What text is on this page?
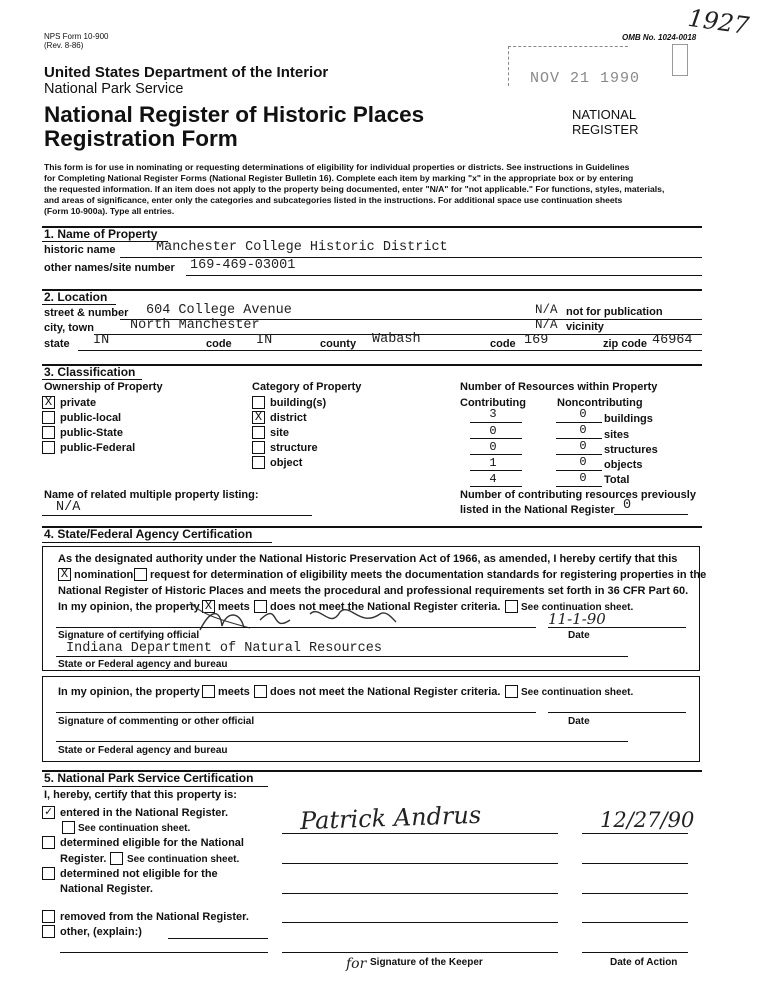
NPS Form 10-900
(Rev. 8-86)
OMB No. 1024-0018
1927
NOV 21 1990
United States Department of the Interior
National Park Service
National Register of Historic Places
Registration Form
NATIONAL
REGISTER
This form is for use in nominating or requesting determinations of eligibility for individual properties or districts. See instructions in Guidelines
for Completing National Register Forms (National Register Bulletin 16). Complete each item by marking "x" in the appropriate box or by entering
the requested information. If an item does not apply to the property being documented, enter "N/A" for "not applicable." For functions, styles, materials,
and areas of significance, enter only the categories and subcategories listed in the instructions. For additional space use continuation sheets
(Form 10-900a). Type all entries.
1. Name of Property
historic name	Manchester College Historic District
other names/site number 169-469-03001
2. Location
street & number 604 College Avenue	N/A not for publication
city, town	North Manchester	N/A vicinity
state IN	code IN	county Wabash	code 169	zip code 46964
3. Classification
Ownership of Property
X private
public-local
public-State
public-Federal
Category of Property
building(s)
X district
site
structure
object
Number of Resources within Property
Contributing	Noncontributing
3	0	buildings
0	0	sites
0	0	structures
1	0	objects
4	0	Total
Name of related multiple property listing:
N/A
Number of contributing resources previously
listed in the National Register 0
4. State/Federal Agency Certification
As the designated authority under the National Historic Preservation Act of 1966, as amended, I hereby certify that this
X nomination request for determination of eligibility meets the documentation standards for registering properties in the
National Register of Historic Places and meets the procedural and professional requirements set forth in 36 CFR Part 60.
In my opinion, the property X meets does not meet the National Register criteria. See continuation sheet.
11-1-90
Signature of certifying official	Date
Indiana Department of Natural Resources
State or Federal agency and bureau
In my opinion, the property meets does not meet the National Register criteria. See continuation sheet.
Signature of commenting or other official	Date
State or Federal agency and bureau
5. National Park Service Certification
I, hereby, certify that this property is:
✓ entered in the National Register.
See continuation sheet.
determined eligible for the National
Register. See continuation sheet.
determined not eligible for the
National Register.
removed from the National Register.
other, (explain:)
Patrick Andrus	12/27/90
for Signature of the Keeper	Date of Action
